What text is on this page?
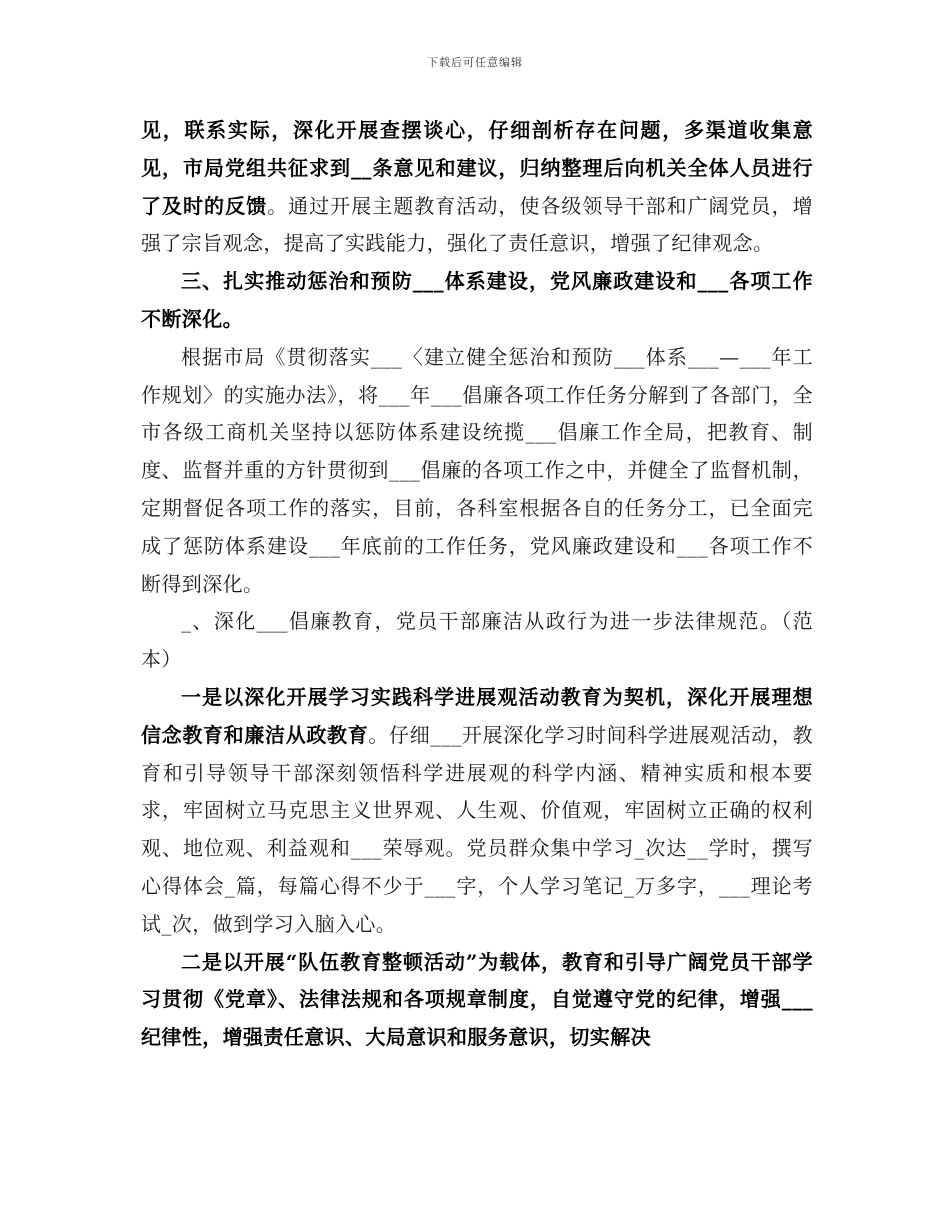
下载后可任意编辑

见，联系实际，深化开展查摆谈心，仔细剖析存在问题，多渠道收集意见，市局党组共征求到__条意见和建议，归纳整理后向机关全体人员进行了及时的反馈。通过开展主题教育活动，使各级领导干部和广阔党员，增强了宗旨观念，提高了实践能力，强化了责任意识，增强了纪律观念。

三、扎实推动惩治和预防___体系建设，党风廉政建设和___各项工作不断深化。

根据市局《贯彻落实___〈建立健全惩治和预防___体系___—___年工作规划〉的实施办法》，将___年___倡廉各项工作任务分解到了各部门，全市各级工商机关坚持以惩防体系建设统揽___倡廉工作全局，把教育、制度、监督并重的方针贯彻到___倡廉的各项工作之中，并健全了监督机制，定期督促各项工作的落实，目前，各科室根据各自的任务分工，已全面完成了惩防体系建设___年底前的工作任务，党风廉政建设和___各项工作不断得到深化。

_、深化___倡廉教育，党员干部廉洁从政行为进一步法律规范。（范本）

一是以深化开展学习实践科学进展观活动教育为契机，深化开展理想信念教育和廉洁从政教育。仔细___开展深化学习时间科学进展观活动，教育和引导领导干部深刻领悟科学进展观的科学内涵、精神实质和根本要求，牢固树立马克思主义世界观、人生观、价值观，牢固树立正确的权利观、地位观、利益观和___荣辱观。党员群众集中学习_次达__学时，撰写心得体会_篇，每篇心得不少于___字，个人学习笔记_万多字，___理论考试_次，做到学习入脑入心。

二是以开展“队伍教育整顿活动”为载体，教育和引导广阔党员干部学习贯彻《党章》、法律法规和各项规章制度，自觉遵守党的纪律，增强___纪律性，增强责任意识、大局意识和服务意识，切实解决
